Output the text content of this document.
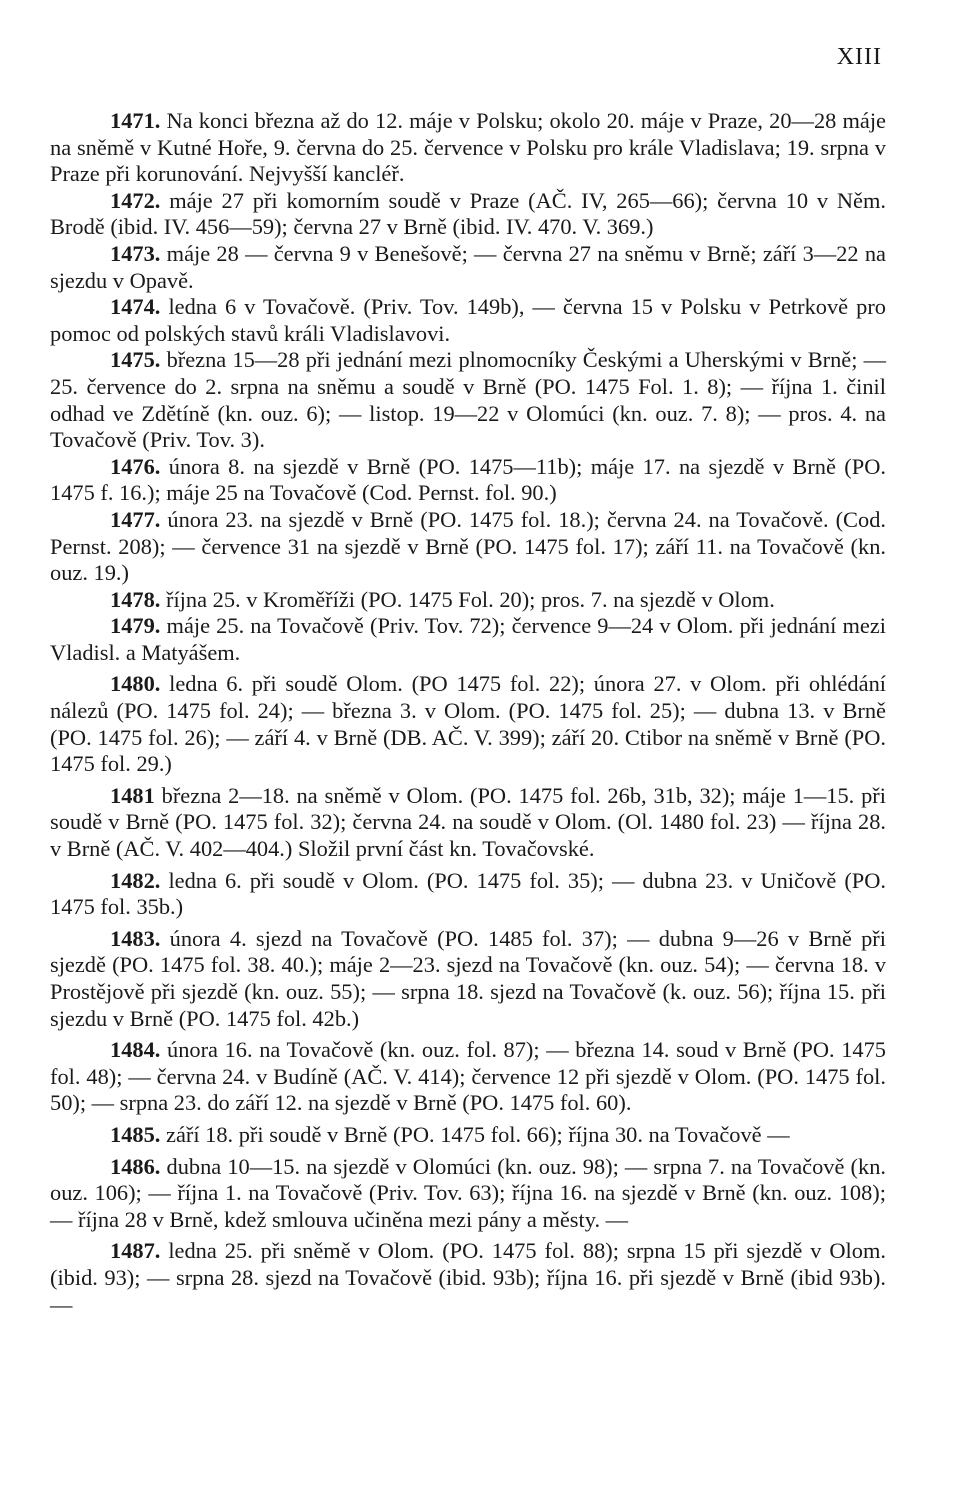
XIII

1471. Na konci března až do 12. máje v Polsku; okolo 20. máje v Praze, 20—28 máje na sněmě v Kutné Hoře, 9. června do 25. července v Polsku pro krále Vladislava; 19. srpna v Praze při korunování. Nejvyšší kancléř.

1472. máje 27 při komorním soudě v Praze (AČ. IV, 265—66); června 10 v Něm. Brodě (ibid. IV. 456—59); června 27 v Brně (ibid. IV. 470. V. 369.)

1473. máje 28 — června 9 v Benešově; — června 27 na sněmu v Brně; září 3—22 na sjezdu v Opavě.

1474. ledna 6 v Tovačově. (Priv. Tov. 149b), — června 15 v Polsku v Petrkově pro pomoc od polských stavů králi Vladislavovi.

1475. března 15—28 při jednání mezi plnomocníky Českými a Uherskými v Brně; — 25. července do 2. srpna na sněmu a soudě v Brně (PO. 1475 Fol. 1. 8); — října 1. činil odhad ve Zdětíně (kn. ouz. 6); — listop. 19—22 v Olomúci (kn. ouz. 7. 8); — pros. 4. na Tovačově (Priv. Tov. 3).

1476. února 8. na sjezdě v Brně (PO. 1475—11b); máje 17. na sjezdě v Brně (PO. 1475 f. 16.); máje 25 na Tovačově (Cod. Pernst. fol. 90.)

1477. února 23. na sjezdě v Brně (PO. 1475 fol. 18.); června 24. na Tovačově. (Cod. Pernst. 208); — července 31 na sjezdě v Brně (PO. 1475 fol. 17); září 11. na Tovačově (kn. ouz. 19.)

1478. října 25. v Kroměříži (PO. 1475 Fol. 20); pros. 7. na sjezdě v Olom.

1479. máje 25. na Tovačově (Priv. Tov. 72); července 9—24 v Olom. při jednání mezi Vladisl. a Matyášem.

1480. ledna 6. při soudě Olom. (PO 1475 fol. 22); února 27. v Olom. při ohlédání nálezů (PO. 1475 fol. 24); — března 3. v Olom. (PO. 1475 fol. 25); — dubna 13. v Brně (PO. 1475 fol. 26); — září 4. v Brně (DB. AČ. V. 399); září 20. Ctibor na sněmě v Brně (PO. 1475 fol. 29.)

1481 března 2—18. na sněmě v Olom. (PO. 1475 fol. 26b, 31b, 32); máje 1—15. při soudě v Brně (PO. 1475 fol. 32); června 24. na soudě v Olom. (Ol. 1480 fol. 23) — října 28. v Brně (AČ. V. 402—404.) Složil první část kn. Tovačovské.

1482. ledna 6. při soudě v Olom. (PO. 1475 fol. 35); — dubna 23. v Uničově (PO. 1475 fol. 35b.)

1483. února 4. sjezd na Tovačově (PO. 1485 fol. 37); — dubna 9—26 v Brně při sjezdě (PO. 1475 fol. 38. 40.); máje 2—23. sjezd na Tovačově (kn. ouz. 54); — června 18. v Prostějově při sjezdě (kn. ouz. 55); — srpna 18. sjezd na Tovačově (k. ouz. 56); října 15. při sjezdu v Brně (PO. 1475 fol. 42b.)

1484. února 16. na Tovačově (kn. ouz. fol. 87); — března 14. soud v Brně (PO. 1475 fol. 48); — června 24. v Budíně (AČ. V. 414); července 12 při sjezdě v Olom. (PO. 1475 fol. 50); — srpna 23. do září 12. na sjezdě v Brně (PO. 1475 fol. 60).

1485. září 18. při soudě v Brně (PO. 1475 fol. 66); října 30. na Tovačově —

1486. dubna 10—15. na sjezdě v Olomúci (kn. ouz. 98); — srpna 7. na Tovačově (kn. ouz. 106); — října 1. na Tovačově (Priv. Tov. 63); října 16. na sjezdě v Brně (kn. ouz. 108); — října 28 v Brně, kdež smlouva učiněna mezi pány a městy. —

1487. ledna 25. při sněmě v Olom. (PO. 1475 fol. 88); srpna 15 při sjezdě v Olom. (ibid. 93); — srpna 28. sjezd na Tovačově (ibid. 93b); října 16. při sjezdě v Brně (ibid 93b). —
